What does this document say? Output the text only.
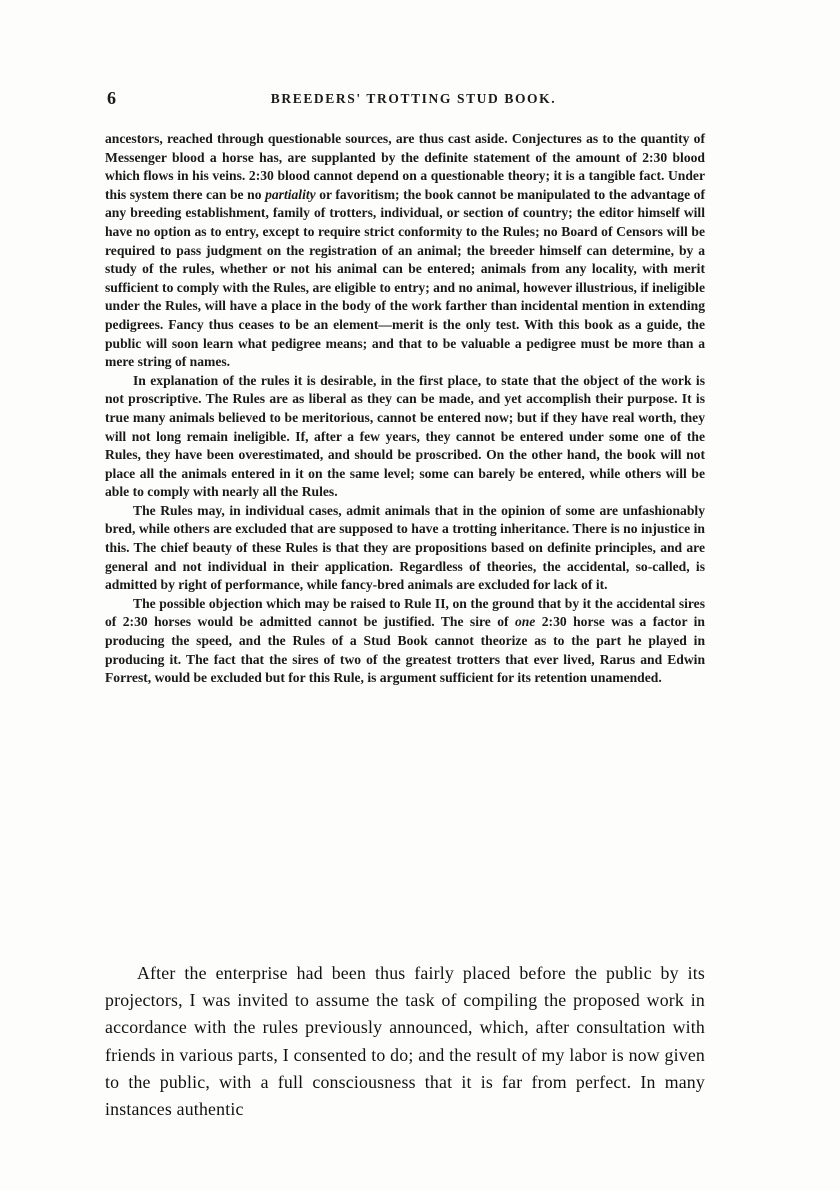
6	BREEDERS' TROTTING STUD BOOK.

ancestors, reached through questionable sources, are thus cast aside. Conjectures as to the quantity of Messenger blood a horse has, are supplanted by the definite statement of the amount of 2:30 blood which flows in his veins. 2:30 blood cannot depend on a questionable theory; it is a tangible fact. Under this system there can be no partiality or favoritism; the book cannot be manipulated to the advantage of any breeding establishment, family of trotters, individual, or section of country; the editor himself will have no option as to entry, except to require strict conformity to the Rules; no Board of Censors will be required to pass judgment on the registration of an animal; the breeder himself can determine, by a study of the rules, whether or not his animal can be entered; animals from any locality, with merit sufficient to comply with the Rules, are eligible to entry; and no animal, however illustrious, if ineligible under the Rules, will have a place in the body of the work farther than incidental mention in extending pedigrees. Fancy thus ceases to be an element—merit is the only test. With this book as a guide, the public will soon learn what pedigree means; and that to be valuable a pedigree must be more than a mere string of names.

In explanation of the rules it is desirable, in the first place, to state that the object of the work is not proscriptive. The Rules are as liberal as they can be made, and yet accomplish their purpose. It is true many animals believed to be meritorious, cannot be entered now; but if they have real worth, they will not long remain ineligible. If, after a few years, they cannot be entered under some one of the Rules, they have been overestimated, and should be proscribed. On the other hand, the book will not place all the animals entered in it on the same level; some can barely be entered, while others will be able to comply with nearly all the Rules.

The Rules may, in individual cases, admit animals that in the opinion of some are unfashionably bred, while others are excluded that are supposed to have a trotting inheritance. There is no injustice in this. The chief beauty of these Rules is that they are propositions based on definite principles, and are general and not individual in their application. Regardless of theories, the accidental, so-called, is admitted by right of performance, while fancy-bred animals are excluded for lack of it.

The possible objection which may be raised to Rule II, on the ground that by it the accidental sires of 2:30 horses would be admitted cannot be justified. The sire of one 2:30 horse was a factor in producing the speed, and the Rules of a Stud Book cannot theorize as to the part he played in producing it. The fact that the sires of two of the greatest trotters that ever lived, Rarus and Edwin Forrest, would be excluded but for this Rule, is argument sufficient for its retention unamended.

After the enterprise had been thus fairly placed before the public by its projectors, I was invited to assume the task of compiling the proposed work in accordance with the rules previously announced, which, after consultation with friends in various parts, I consented to do; and the result of my labor is now given to the public, with a full consciousness that it is far from perfect. In many instances authentic
